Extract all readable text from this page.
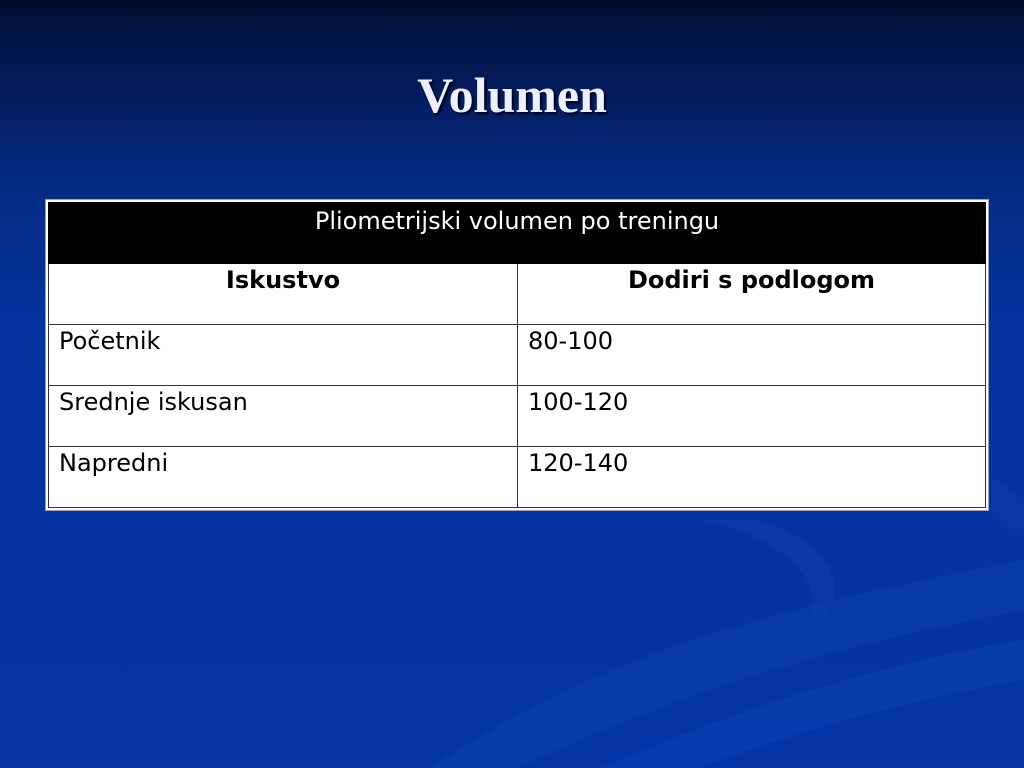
Volumen
Pliometrijski volumen po treningu	
Iskustvo	Dodiri s podlogom
Početnik	80-100
Srednje iskusan	100-120
Napredni	120-140
